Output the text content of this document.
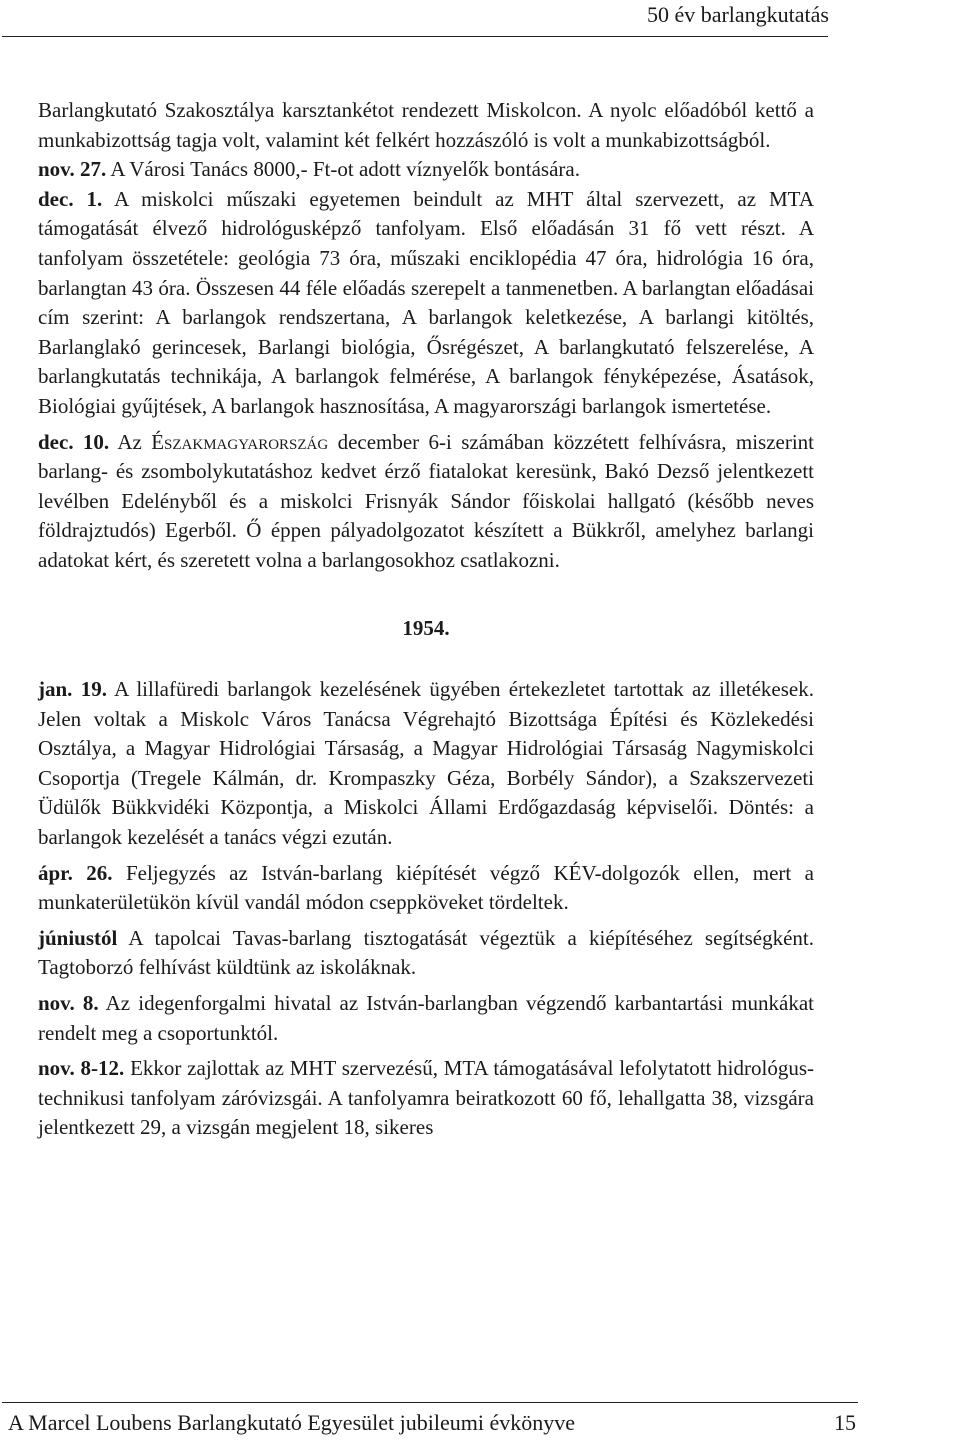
50 év barlangkutatás

Barlangkutató Szakosztálya karsztankétot rendezett Miskolcon. A nyolc előadóból kettő a munkabizottság tagja volt, valamint két felkért hozzászóló is volt a munkabizottságból.

nov. 27. A Városi Tanács 8000,- Ft-ot adott víznyelők bontására.

dec. 1. A miskolci műszaki egyetemen beindult az MHT által szervezett, az MTA támogatását élvező hidrológusképző tanfolyam. Első előadásán 31 fő vett részt. A tanfolyam összetétele: geológia 73 óra, műszaki enciklopédia 47 óra, hidrológia 16 óra, barlangtan 43 óra. Összesen 44 féle előadás szerepelt a tanmenetben. A barlangtan előadásai cím szerint: A barlangok rendszertana, A barlangok keletkezése, A barlangi kitöltés, Barlanglakó gerincesek, Barlangi biológia, Ősrégészet, A barlangkutató felszerelése, A barlangkutatás technikája, A barlangok felmérése, A barlangok fényképezése, Ásatások, Biológiai gyűjtések, A barlangok hasznosítása, A magyarországi barlangok ismertetése.

dec. 10. Az Északmagyarország december 6-i számában közzétett felhívásra, miszerint barlang- és zsombolykutatáshoz kedvet érző fiatalokat keresünk, Bakó Dezső jelentkezett levélben Edelényből és a miskolci Frisnyák Sándor főiskolai hallgató (később neves földrajztudós) Egerből. Ő éppen pályadolgozatot készített a Bükkről, amelyhez barlangi adatokat kért, és szeretett volna a barlangosokhoz csatlakozni.

1954.

jan. 19. A lillafüredi barlangok kezelésének ügyében értekezletet tartottak az illetékesek. Jelen voltak a Miskolc Város Tanácsa Végrehajtó Bizottsága Építési és Közlekedési Osztálya, a Magyar Hidrológiai Társaság, a Magyar Hidrológiai Társaság Nagymiskolci Csoportja (Tregele Kálmán, dr. Krompaszky Géza, Borbély Sándor), a Szakszervezeti Üdülők Bükkvidéki Központja, a Miskolci Állami Erdőgazdaság képviselői. Döntés: a barlangok kezelését a tanács végzi ezután.

ápr. 26. Feljegyzés az István-barlang kiépítését végző KÉV-dolgozók ellen, mert a munkaterületükön kívül vandál módon cseppköveket tördeltek.

júniustól A tapolcai Tavas-barlang tisztogatását végeztük a kiépítéséhez segítségként. Tagtoborzó felhívást küldtünk az iskoláknak.

nov. 8. Az idegenforgalmi hivatal az István-barlangban végzendő karbantartási munkákat rendelt meg a csoportunktól.

nov. 8-12. Ekkor zajlottak az MHT szervezésű, MTA támogatásával lefolytatott hidrológus-technikusi tanfolyam záróvizsgái. A tanfolyamra beiratkozott 60 fő, lehallgatta 38, vizsgára jelentkezett 29, a vizsgán megjelent 18, sikeres

A Marcel Loubens Barlangkutató Egyesület jubileumi évkönyve	15
